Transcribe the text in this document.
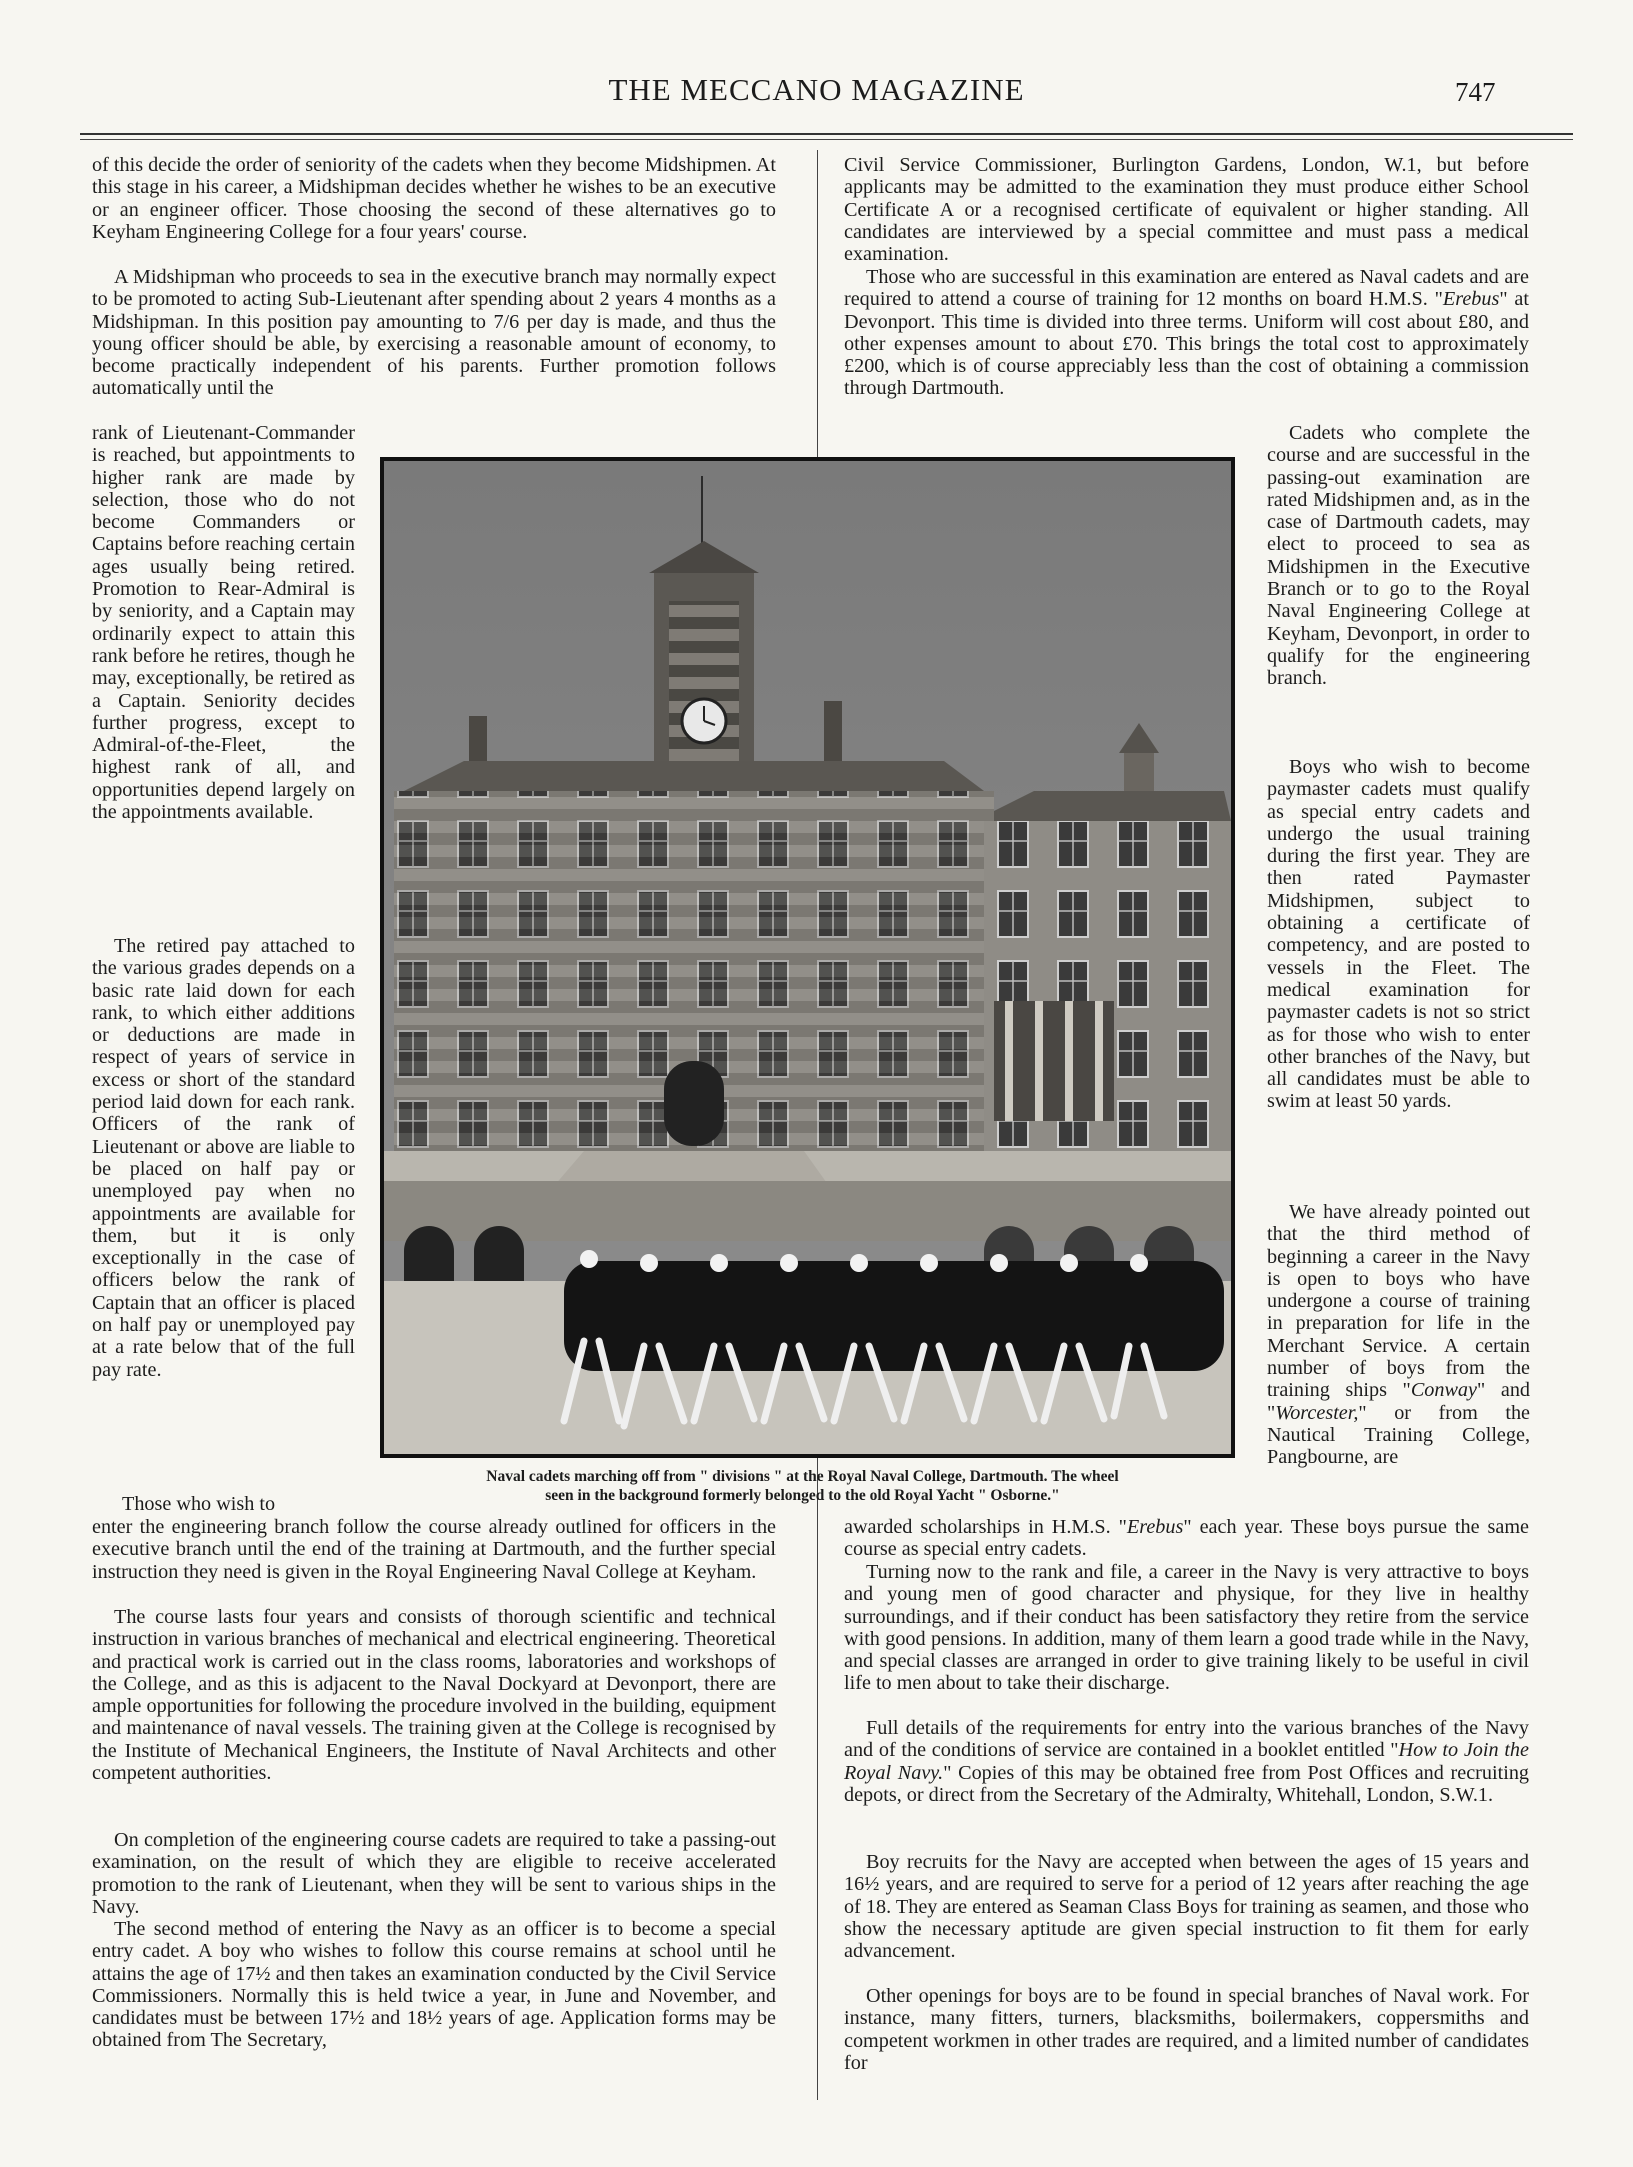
THE MECCANO MAGAZINE	747

of this decide the order of seniority of the cadets when they become Midshipmen. At this stage in his career, a Midshipman decides whether he wishes to be an executive or an engineer officer. Those choosing the second of these alternatives go to Keyham Engineering College for a four years' course.

A Midshipman who proceeds to sea in the executive branch may normally expect to be promoted to acting Sub-Lieutenant after spending about 2 years 4 months as a Midshipman. In this position pay amounting to 7/6 per day is made, and thus the young officer should be able, by exercising a reasonable amount of economy, to become practically independent of his parents. Further promotion follows automatically until the

rank of Lieutenant-Commander is reached, but appointments to higher rank are made by selection, those who do not become Commanders or Captains before reaching certain ages usually being retired. Promotion to Rear-Admiral is by seniority, and a Captain may ordinarily expect to attain this rank before he retires, though he may, exceptionally, be retired as a Captain. Seniority decides further progress, except to Admiral-of-the-Fleet, the highest rank of all, and opportunities depend largely on the appointments available.

The retired pay attached to the various grades depends on a basic rate laid down for each rank, to which either additions or deductions are made in respect of years of service in excess or short of the standard period laid down for each rank. Officers of the rank of Lieutenant or above are liable to be placed on half pay or unemployed pay when no appointments are available for them, but it is only exceptionally in the case of officers below the rank of Captain that an officer is placed on half pay or unemployed pay at a rate below that of the full pay rate.

Those who wish to

enter the engineering branch follow the course already outlined for officers in the executive branch until the end of the training at Dartmouth, and the further special instruction they need is given in the Royal Engineering Naval College at Keyham.

The course lasts four years and consists of thorough scientific and technical instruction in various branches of mechanical and electrical engineering. Theoretical and practical work is carried out in the class rooms, laboratories and workshops of the College, and as this is adjacent to the Naval Dockyard at Devonport, there are ample opportunities for following the procedure involved in the building, equipment and maintenance of naval vessels. The training given at the College is recognised by the Institute of Mechanical Engineers, the Institute of Naval Architects and other competent authorities.

On completion of the engineering course cadets are required to take a passing-out examination, on the result of which they are eligible to receive accelerated promotion to the rank of Lieutenant, when they will be sent to various ships in the Navy.

The second method of entering the Navy as an officer is to become a special entry cadet. A boy who wishes to follow this course remains at school until he attains the age of 17½ and then takes an examination conducted by the Civil Service Commissioners. Normally this is held twice a year, in June and November, and candidates must be between 17½ and 18½ years of age. Application forms may be obtained from The Secretary,

Civil Service Commissioner, Burlington Gardens, London, W.1, but before applicants may be admitted to the examination they must produce either School Certificate A or a recognised certificate of equivalent or higher standing. All candidates are interviewed by a special committee and must pass a medical examination.

Those who are successful in this examination are entered as Naval cadets and are required to attend a course of training for 12 months on board H.M.S. "Erebus" at Devonport. This time is divided into three terms. Uniform will cost about £80, and other expenses amount to about £70. This brings the total cost to approximately £200, which is of course appreciably less than the cost of obtaining a commission through Dartmouth.

Cadets who complete the course and are successful in the passing-out examination are rated Midshipmen and, as in the case of Dartmouth cadets, may elect to proceed to sea as Midshipmen in the Executive Branch or to go to the Royal Naval Engineering College at Keyham, Devonport, in order to qualify for the engineering branch.

Boys who wish to become paymaster cadets must qualify as special entry cadets and undergo the usual training during the first year. They are then rated Paymaster Midshipmen, subject to obtaining a certificate of competency, and are posted to vessels in the Fleet. The medical examination for paymaster cadets is not so strict as for those who wish to enter other branches of the Navy, but all candidates must be able to swim at least 50 yards.

We have already pointed out that the third method of beginning a career in the Navy is open to boys who have undergone a course of training in preparation for life in the Merchant Service. A certain number of boys from the training ships "Conway" and "Worcester," or from the Nautical Training College, Pangbourne, are

awarded scholarships in H.M.S. "Erebus" each year. These boys pursue the same course as special entry cadets.

Turning now to the rank and file, a career in the Navy is very attractive to boys and young men of good character and physique, for they live in healthy surroundings, and if their conduct has been satisfactory they retire from the service with good pensions. In addition, many of them learn a good trade while in the Navy, and special classes are arranged in order to give training likely to be useful in civil life to men about to take their discharge.

Full details of the requirements for entry into the various branches of the Navy and of the conditions of service are contained in a booklet entitled "How to Join the Royal Navy." Copies of this may be obtained free from Post Offices and recruiting depots, or direct from the Secretary of the Admiralty, Whitehall, London, S.W.1.

Boy recruits for the Navy are accepted when between the ages of 15 years and 16½ years, and are required to serve for a period of 12 years after reaching the age of 18. They are entered as Seaman Class Boys for training as seamen, and those who show the necessary aptitude are given special instruction to fit them for early advancement.

Other openings for boys are to be found in special branches of Naval work. For instance, many fitters, turners, blacksmiths, boilermakers, coppersmiths and competent workmen in other trades are required, and a limited number of candidates for

Naval cadets marching off from " divisions " at the Royal Naval College, Dartmouth. The wheel
seen in the background formerly belonged to the old Royal Yacht " Osborne."
